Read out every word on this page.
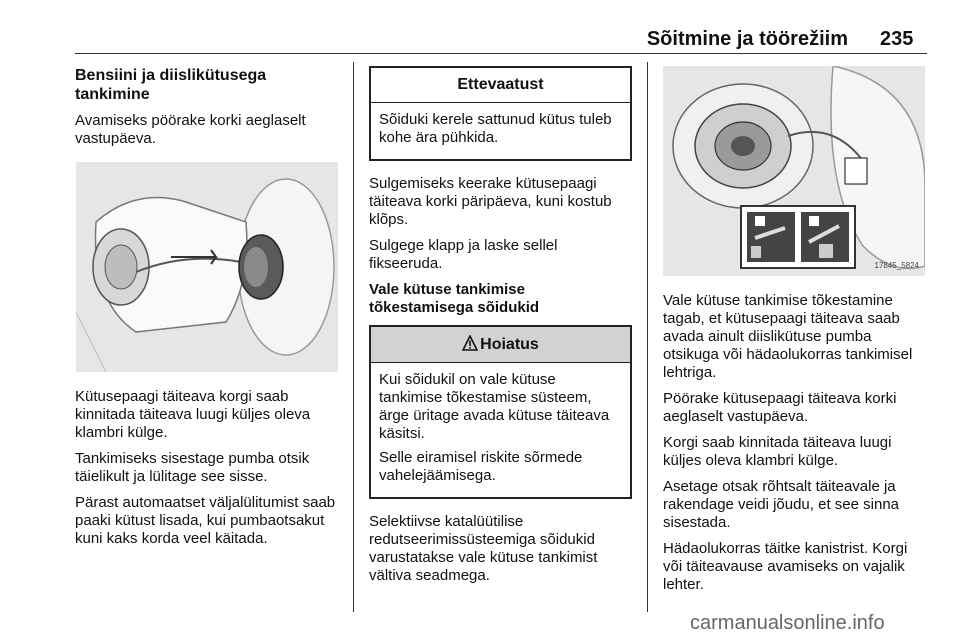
Sõitmine ja töörežiim 235
Bensiini ja diislikütusega tankimine

Avamiseks pöörake korki aeglaselt vastupäeva.

Kütusepaagi täiteava korgi saab kinnitada täiteava luugi küljes oleva klambri külge.

Tankimiseks sisestage pumba otsik täielikult ja lülitage see sisse.

Pärast automaatset väljalülitumist saab paaki kütust lisada, kui pumbaotsakut kuni kaks korda veel käitada.

Ettevaatust

Sõiduki kerele sattunud kütus tuleb kohe ära pühkida.

Sulgemiseks keerake kütusepaagi täiteava korki päripäeva, kuni kostub klõps.

Sulgege klapp ja laske sellel fikseeruda.

Vale kütuse tankimise tõkestamisega sõidukid
Hoiatus

Kui sõidukil on vale kütuse tankimise tõkestamise süsteem, ärge üritage avada kütuse täiteava käsitsi.

Selle eiramisel riskite sõrmede vahelejäämisega.

Selektiivse katalüütilise redutseerimissüsteemiga sõidukid varustatakse vale kütuse tankimist vältiva seadmega.

17845_5824

Vale kütuse tankimise tõkestamine tagab, et kütusepaagi täiteava saab avada ainult diislikütuse pumba otsikuga või hädaolukorras tankimisel lehtriga.

Pöörake kütusepaagi täiteava korki aeglaselt vastupäeva.

Korgi saab kinnitada täiteava luugi küljes oleva klambri külge.

Asetage otsak rõhtsalt täiteavale ja rakendage veidi jõudu, et see sinna sisestada.

Hädaolukorras täitke kanistrist. Korgi või täiteavause avamiseks on vajalik lehter.

carmanualsonline.info
